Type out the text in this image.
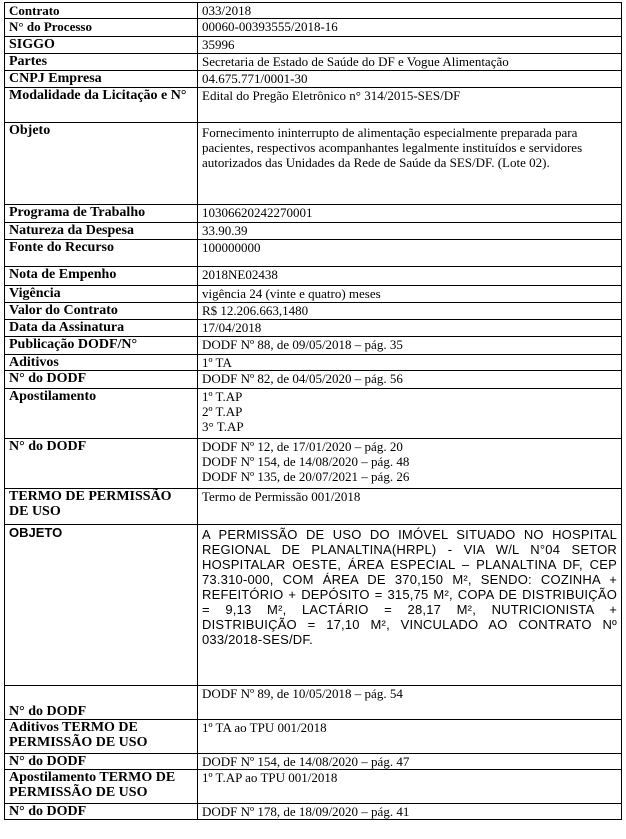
Contrato	033/2018
N° do Processo	00060-00393555/2018-16
SIGGO	35996
Partes	Secretaria de Estado de Saúde do DF e Vogue Alimentação
CNPJ Empresa	04.675.771/0001-30
Modalidade da Licitação e N°	Edital do Pregão Eletrônico n° 314/2015-SES/DF
Objeto	Fornecimento ininterrupto de alimentação especialmente preparada para pacientes, respectivos acompanhantes legalmente instituídos e servidores autorizados das Unidades da Rede de Saúde da SES/DF. (Lote 02).
Programa de Trabalho	10306620242270001
Natureza da Despesa	33.90.39
Fonte do Recurso	100000000
Nota de Empenho	2018NE02438
Vigência	vigência 24 (vinte e quatro) meses
Valor do Contrato	R$ 12.206.663,1480
Data da Assinatura	17/04/2018
Publicação DODF/N°	DODF Nº 88, de 09/05/2018 – pág. 35
Aditivos	1º TA
N° do DODF	DODF Nº 82, de 04/05/2020 – pág. 56
Apostilamento	1º T.AP
2º T.AP
3° T.AP
N° do DODF	DODF Nº 12, de 17/01/2020 – pág. 20
DODF Nº 154, de 14/08/2020 – pág. 48
DODF Nº 135, de 20/07/2021 – pág. 26
TERMO DE PERMISSÃO DE USO	Termo de Permissão 001/2018
OBJETO	A PERMISSÃO DE USO DO IMÓVEL SITUADO NO HOSPITAL REGIONAL DE PLANALTINA(HRPL) - VIA W/L N°04 SETOR HOSPITALAR OESTE, ÁREA ESPECIAL – PLANALTINA DF, CEP 73.310-000, COM ÁREA DE 370,150 M², SENDO: COZINHA + REFEITÓRIO + DEPÓSITO = 315,75 M², COPA DE DISTRIBUIÇÃO = 9,13 M², LACTÁRIO = 28,17 M², NUTRICIONISTA + DISTRIBUIÇÃO = 17,10 M², VINCULADO AO CONTRATO Nº 033/2018-SES/DF.
N° do DODF	DODF Nº 89, de 10/05/2018 – pág. 54
Aditivos TERMO DE PERMISSÃO DE USO	1º TA ao TPU 001/2018
N° do DODF	DODF Nº 154, de 14/08/2020 – pág. 47
Apostilamento TERMO DE PERMISSÃO DE USO	1º T.AP ao TPU 001/2018
N° do DODF	DODF Nº 178, de 18/09/2020 – pág. 41
